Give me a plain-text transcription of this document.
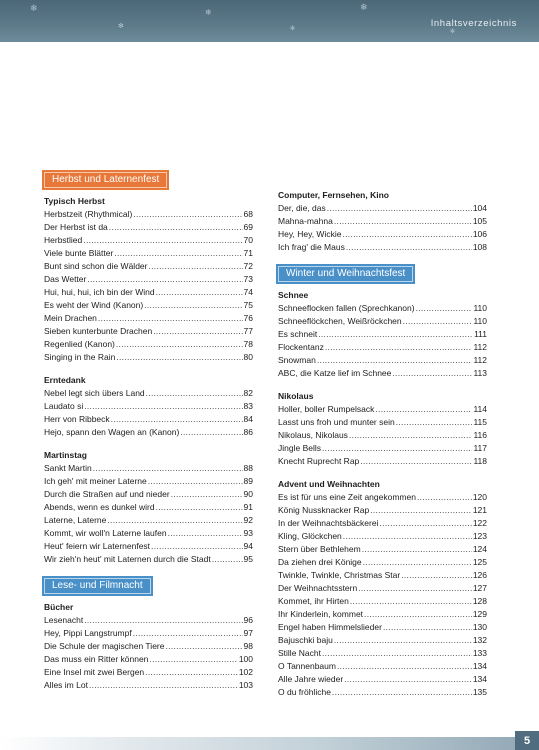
❄
✻
❄
✻
❄
✻
Inhaltsverzeichnis
Herbst und Laternenfest
Typisch Herbst
Herbstzeit (Rhythmical) .....	68
Der Herbst ist da .....	69
Herbstlied .....	70
Viele bunte Blätter .....	71
Bunt sind schon die Wälder .....	72
Das Wetter .....	73
Hui, hui, hui, ich bin der Wind .....	74
Es weht der Wind (Kanon) .....	75
Mein Drachen .....	76
Sieben kunterbunte Drachen .....	77
Regenlied (Kanon) .....	78
Singing in the Rain .....	80
Erntedank
Nebel legt sich übers Land .....	82
Laudato si .....	83
Herr von Ribbeck .....	84
Hejo, spann den Wagen an (Kanon) .....	86
Martinstag
Sankt Martin .....	88
Ich geh' mit meiner Laterne .....	89
Durch die Straßen auf und nieder .....	90
Abends, wenn es dunkel wird .....	91
Laterne, Laterne .....	92
Kommt, wir woll'n Laterne laufen .....	93
Heut' feiern wir Laternenfest .....	94
Wir zieh'n heut' mit Laternen durch die Stadt .....	95
Lese- und Filmnacht
Bücher
Lesenacht .....	96
Hey, Pippi Langstrumpf .....	97
Die Schule der magischen Tiere .....	98
Das muss ein Ritter können .....	100
Eine Insel mit zwei Bergen .....	102
Alles im Lot .....	103
Computer, Fernsehen, Kino
Der, die, das .....	104
Mahna-mahna .....	105
Hey, Hey, Wickie .....	106
Ich frag' die Maus .....	108
Winter und Weihnachtsfest
Schnee
Schneeflocken fallen (Sprechkanon) .....	110
Schneeflöckchen, Weißröckchen .....	110
Es schneit .....	111
Flockentanz .....	112
Snowman .....	112
ABC, die Katze lief im Schnee .....	113
Nikolaus
Holler, boller Rumpelsack .....	114
Lasst uns froh und munter sein .....	115
Nikolaus, Nikolaus .....	116
Jingle Bells .....	117
Knecht Ruprecht Rap .....	118
Advent und Weihnachten
Es ist für uns eine Zeit angekommen .....	120
König Nussknacker Rap .....	121
In der Weihnachtsbäckerei .....	122
Kling, Glöckchen .....	123
Stern über Bethlehem .....	124
Da ziehen drei Könige .....	125
Twinkle, Twinkle, Christmas Star .....	126
Der Weihnachtsstern .....	127
Kommet, ihr Hirten .....	128
Ihr Kinderlein, kommet .....	129
Engel haben Himmelslieder .....	130
Bajuschki baju .....	132
Stille Nacht .....	133
O Tannenbaum .....	134
Alle Jahre wieder .....	134
O du fröhliche .....	135
5
